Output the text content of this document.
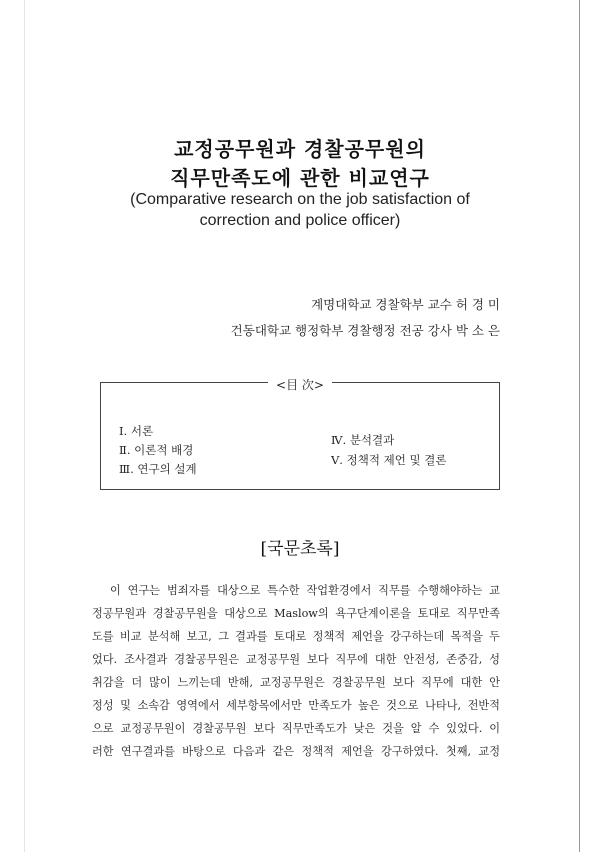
교정공무원과 경찰공무원의
직무만족도에 관한 비교연구
(Comparative research on the job satisfaction of
correction and police officer)
계명대학교 경찰학부 교수 허 경 미
건동대학교 행정학부 경찰행정 전공 강사 박 소 은
<目 次>
Ⅰ. 서론
Ⅱ. 이론적 배경
Ⅲ. 연구의 설계
Ⅳ. 분석결과
Ⅴ. 정책적 제언 및 결론
[국문초록]
이 연구는 범죄자를 대상으로 특수한 작업환경에서 직무를 수행해야하는 교
정공무원과 경찰공무원을 대상으로 Maslow의 욕구단계이론을 토대로 직무만족
도를 비교 분석해 보고, 그 결과를 토대로 정책적 제언을 강구하는데 목적을 두
었다. 조사결과 경찰공무원은 교정공무원 보다 직무에 대한 안전성, 존중감, 성
취감을 더 많이 느끼는데 반해, 교정공무원은 경찰공무원 보다 직무에 대한 안
정성 및 소속감 영역에서 세부항목에서만 만족도가 높은 것으로 나타나, 전반적
으로 교정공무원이 경찰공무원 보다 직무만족도가 낮은 것을 알 수 있었다. 이
러한 연구결과를 바탕으로 다음과 같은 정책적 제언을 강구하였다. 첫째, 교정
